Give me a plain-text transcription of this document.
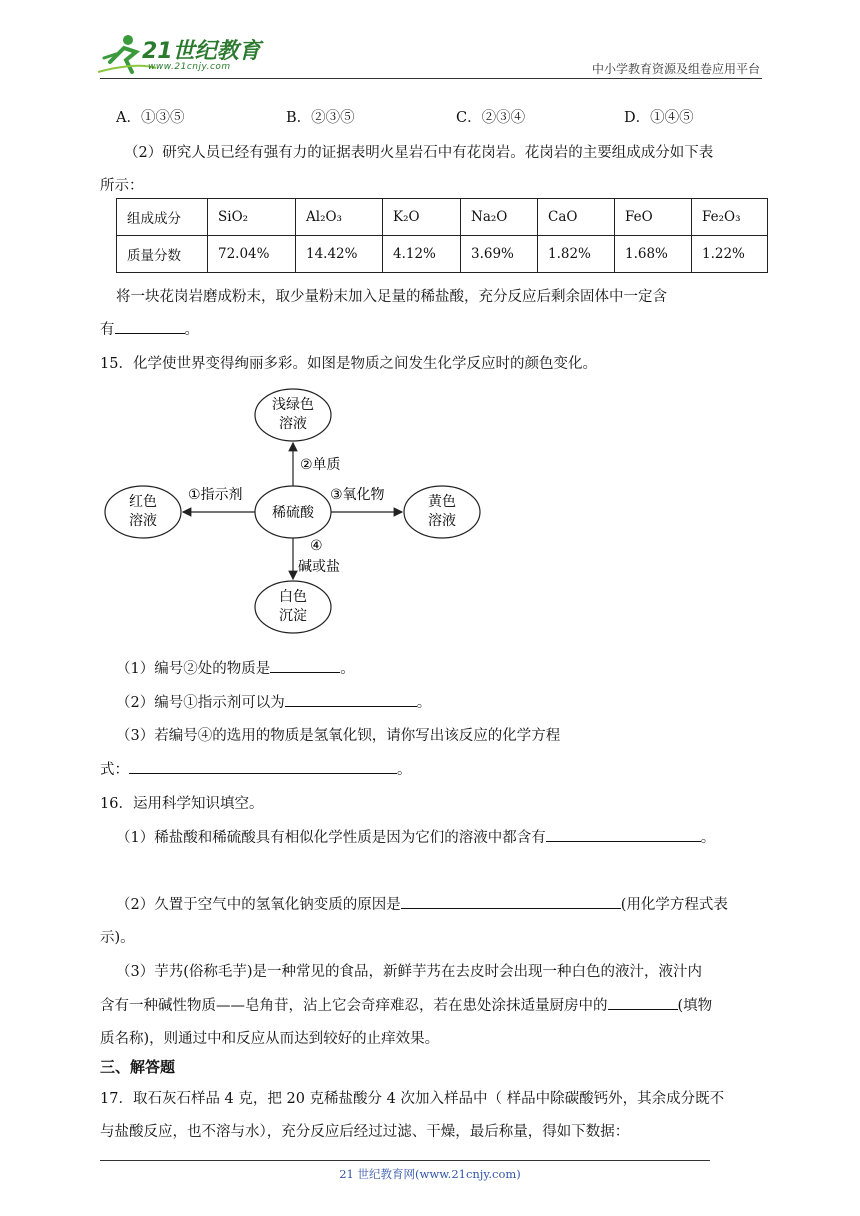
21世纪教育
www.21cnjy.com	中小学教育资源及组卷应用平台
A．①③⑤	B．②③⑤	C．②③④	D．①④⑤
（2）研究人员已经有强有力的证据表明火星岩石中有花岗岩。花岗岩的主要组成成分如下表
所示：
组成成分	SiO₂	Al₂O₃	K₂O	Na₂O	CaO	FeO	Fe₂O₃
质量分数	72.04%	14.42%	4.12%	3.69%	1.82%	1.68%	1.22%
将一块花岗岩磨成粉末，取少量粉末加入足量的稀盐酸，充分反应后剩余固体中一定含
有	。
15．化学使世界变得绚丽多彩。如图是物质之间发生化学反应时的颜色变化。
浅绿色
溶液
稀硫酸
红色
溶液
黄色
溶液
白色
沉淀
②单质
①指示剂	③氧化物
④
碱或盐
（1）编号②处的物质是	。
（2）编号①指示剂可以为	。
（3）若编号④的选用的物质是氢氧化钡，请你写出该反应的化学方程
式：	。
16．运用科学知识填空。
（1）稀盐酸和稀硫酸具有相似化学性质是因为它们的溶液中都含有	。
（2）久置于空气中的氢氧化钠变质的原因是	(用化学方程式表
示)。
（3）芋艿(俗称毛芋)是一种常见的食品，新鲜芋艿在去皮时会出现一种白色的液汁，液汁内
含有一种碱性物质——皂角苷，沾上它会奇痒难忍，若在患处涂抹适量厨房中的	(填物
质名称)，则通过中和反应从而达到较好的止痒效果。
三、解答题
17．取石灰石样品 4 克，把 20 克稀盐酸分 4 次加入样品中（ 样品中除碳酸钙外，其余成分既不
与盐酸反应，也不溶与水），充分反应后经过过滤、干燥，最后称量，得如下数据：
21 世纪教育网(www.21cnjy.com)
